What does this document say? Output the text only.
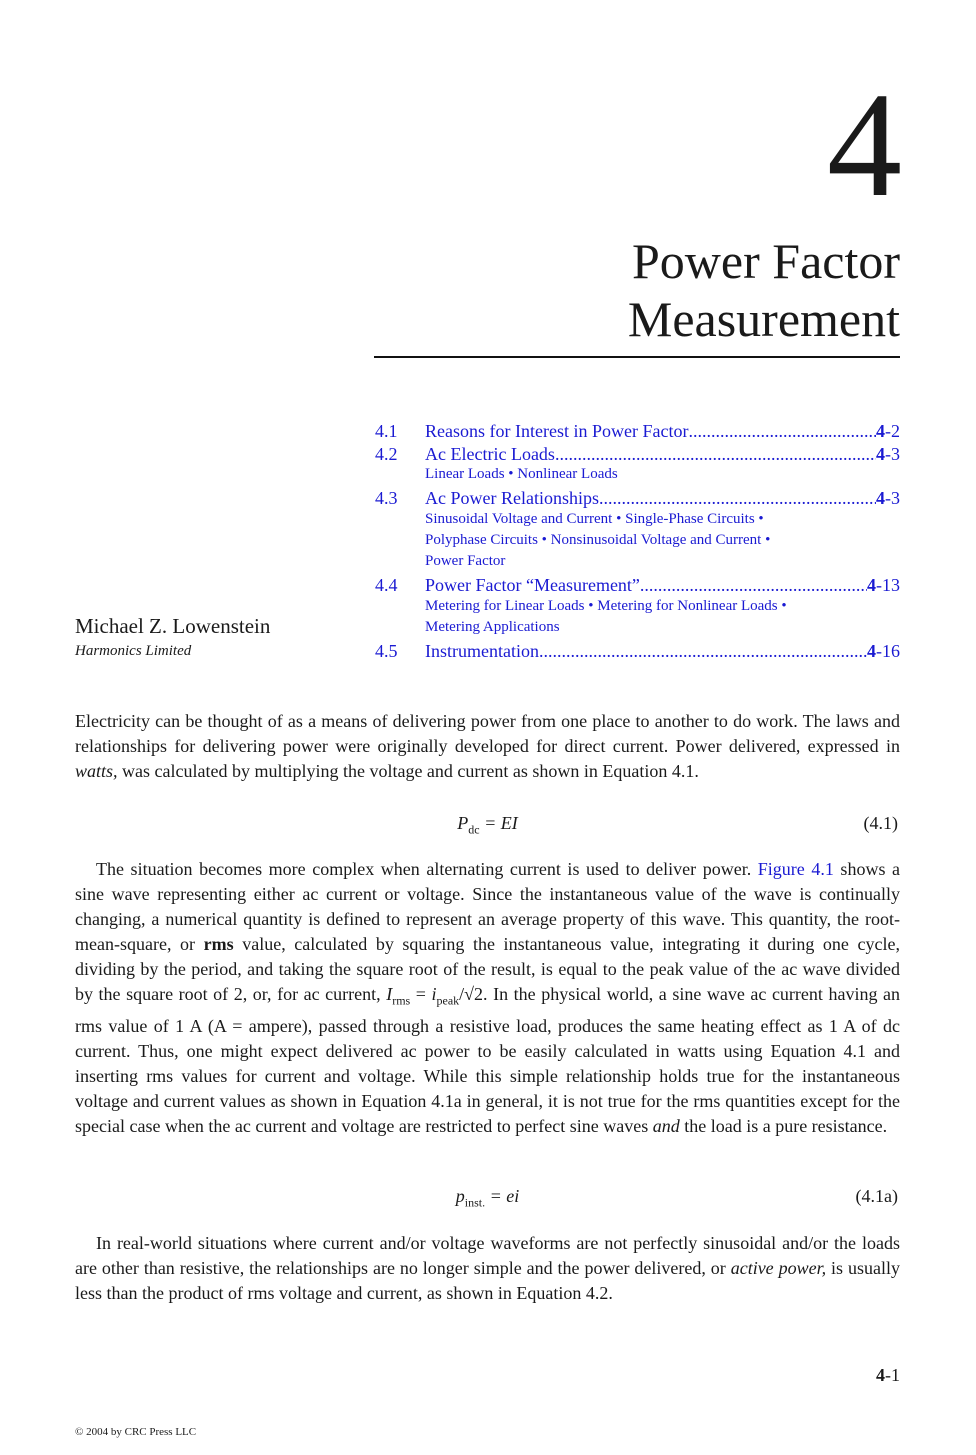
4
Power Factor
Measurement
4.1	Reasons for Interest in Power Factor .....	4-2
4.2	Ac Electric Loads .....	4-3
Linear Loads • Nonlinear Loads
4.3	Ac Power Relationships .....	4-3
Sinusoidal Voltage and Current • Single-Phase Circuits •
Polyphase Circuits • Nonsinusoidal Voltage and Current •
Power Factor
4.4	Power Factor “Measurement” .....	4-13
Metering for Linear Loads • Metering for Nonlinear Loads •
Metering Applications
4.5	Instrumentation .....	4-16
Michael Z. Lowenstein
Harmonics Limited
Electricity can be thought of as a means of delivering power from one place to another to do work. The laws and relationships for delivering power were originally developed for direct current. Power delivered, expressed in watts, was calculated by multiplying the voltage and current as shown in Equation 4.1.
$P_{dc}$ = EI	(4.1)
The situation becomes more complex when alternating current is used to deliver power. Figure 4.1 shows a sine wave representing either ac current or voltage. Since the instantaneous value of the wave is continually changing, a numerical quantity is defined to represent an average property of this wave. This quantity, the root-mean-square, or rms value, calculated by squaring the instantaneous value, integrating it during one cycle, dividing by the period, and taking the square root of the result, is equal to the peak value of the ac wave divided by the square root of 2, or, for ac current, $I_{rms} = i_{peak}/√2$. In the physical world, a sine wave ac current having an rms value of 1 A (A = ampere), passed through a resistive load, produces the same heating effect as 1 A of dc current. Thus, one might expect delivered ac power to be easily calculated in watts using Equation 4.1 and inserting rms values for current and voltage. While this simple relationship holds true for the instantaneous voltage and current values as shown in Equation 4.1a in general, it is not true for the rms quantities except for the special case when the ac current and voltage are restricted to perfect sine waves and the load is a pure resistance.
$p_{inst.}$ = ei	(4.1a)
In real-world situations where current and/or voltage waveforms are not perfectly sinusoidal and/or the loads are other than resistive, the relationships are no longer simple and the power delivered, or active power, is usually less than the product of rms voltage and current, as shown in Equation 4.2.
4-1
© 2004 by CRC Press LLC
